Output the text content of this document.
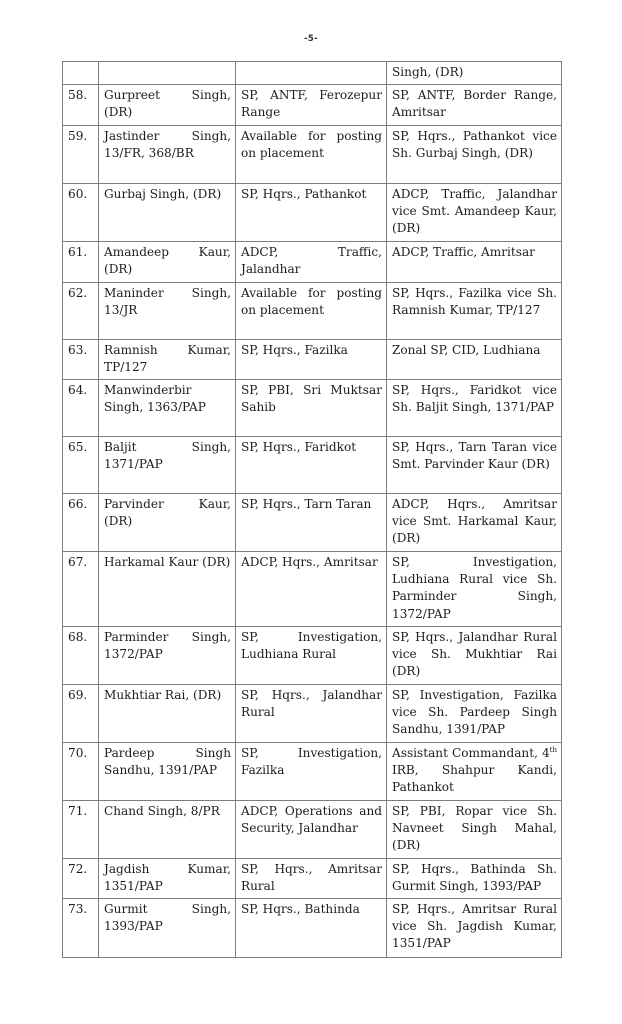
-5-
			Singh, (DR)
58.	Gurpreet Singh, (DR)	SP, ANTF, Ferozepur Range	SP, ANTF, Border Range, Amritsar
59.	Jastinder Singh, 13/FR, 368/BR	Available for posting on placement	SP, Hqrs., Pathankot vice Sh. Gurbaj Singh, (DR)
60.	Gurbaj Singh, (DR)	SP, Hqrs., Pathankot	ADCP, Traffic, Jalandhar vice Smt. Amandeep Kaur, (DR)
61.	Amandeep Kaur, (DR)	ADCP, Traffic, Jalandhar	ADCP, Traffic, Amritsar
62.	Maninder Singh, 13/JR	Available for posting on placement	SP, Hqrs., Fazilka vice Sh. Ramnish Kumar, TP/127
63.	Ramnish Kumar, TP/127	SP, Hqrs., Fazilka	Zonal SP, CID, Ludhiana
64.	Manwinderbir Singh, 1363/PAP	SP, PBI, Sri Muktsar Sahib	SP, Hqrs., Faridkot vice Sh. Baljit Singh, 1371/PAP
65.	Baljit Singh, 1371/PAP	SP, Hqrs., Faridkot	SP, Hqrs., Tarn Taran vice Smt. Parvinder Kaur (DR)
66.	Parvinder Kaur, (DR)	SP, Hqrs., Tarn Taran	ADCP, Hqrs., Amritsar vice Smt. Harkamal Kaur, (DR)
67.	Harkamal Kaur (DR)	ADCP, Hqrs., Amritsar	SP, Investigation, Ludhiana Rural vice Sh. Parminder Singh, 1372/PAP
68.	Parminder Singh, 1372/PAP	SP, Investigation, Ludhiana Rural	SP, Hqrs., Jalandhar Rural vice Sh. Mukhtiar Rai (DR)
69.	Mukhtiar Rai, (DR)	SP, Hqrs., Jalandhar Rural	SP, Investigation, Fazilka vice Sh. Pardeep Singh Sandhu, 1391/PAP
70.	Pardeep Singh Sandhu, 1391/PAP	SP, Investigation, Fazilka	Assistant Commandant, 4th IRB, Shahpur Kandi, Pathankot
71.	Chand Singh, 8/PR	ADCP, Operations and Security, Jalandhar	SP, PBI, Ropar vice Sh. Navneet Singh Mahal, (DR)
72.	Jagdish Kumar, 1351/PAP	SP, Hqrs., Amritsar Rural	SP, Hqrs., Bathinda Sh. Gurmit Singh, 1393/PAP
73.	Gurmit Singh, 1393/PAP	SP, Hqrs., Bathinda	SP, Hqrs., Amritsar Rural vice Sh. Jagdish Kumar, 1351/PAP
